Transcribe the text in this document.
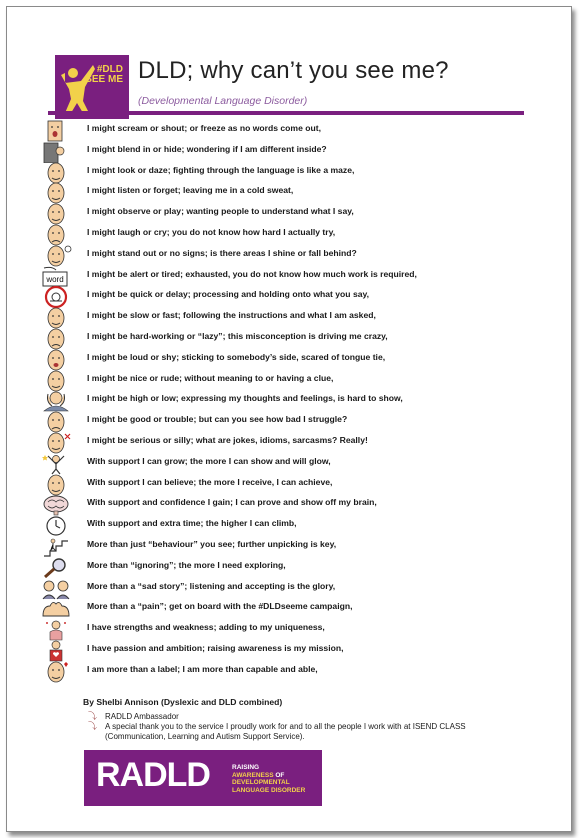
#DLD
SEE ME DLD; why can’t you see me?
(Developmental Language Disorder)
I might scream or shout; or freeze as no words come out,
I might blend in or hide; wondering if I am different inside?
I might look or daze; fighting through the language is like a maze,
I might listen or forget; leaving me in a cold sweat,
I might observe or play; wanting people to understand what I say,
I might laugh or cry; you do not know how hard I actually try,
I might stand out or no signs; is there areas I shine or fall behind?
word
I might be alert or tired; exhausted, you do not know how much work is required,
I might be quick or delay; processing and holding onto what you say,
I might be slow or fast; following the instructions and what I am asked,
I might be hard-working or “lazy”; this misconception is driving me crazy,
I might be loud or shy; sticking to somebody’s side, scared of tongue tie,
I might be nice or rude; without meaning to or having a clue,
I might be high or low; expressing my thoughts and feelings, is hard to show,
I might be good or trouble; but can you see how bad I struggle?
I might be serious or silly; what are jokes, idioms, sarcasms? Really!
With support I can grow; the more I can show and will glow,
With support I can believe; the more I receive, I can achieve,
With support and confidence I gain; I can prove and show off my brain,
With support and extra time; the higher I can climb,
More than just “behaviour” you see; further unpicking is key,
More than “ignoring”; the more I need exploring,
More than a “sad story”; listening and accepting is the glory,
More than a “pain”; get on board with the #DLDseeme campaign,
I have strengths and weakness; adding to my uniqueness,
I have passion and ambition; raising awareness is my mission,
I am more than a label; I am more than capable and able,
By Shelbi Annison (Dyslexic and DLD combined)
⤵ RADLD Ambassador
⤵ A special thank you to the service I proudly work for and to all the people I work with at ISEND CLASS (Communication, Learning and Autism Support Service).
RADLD	RAISING
AWARENESS OF
DEVELOPMENTAL
LANGUAGE DISORDER
